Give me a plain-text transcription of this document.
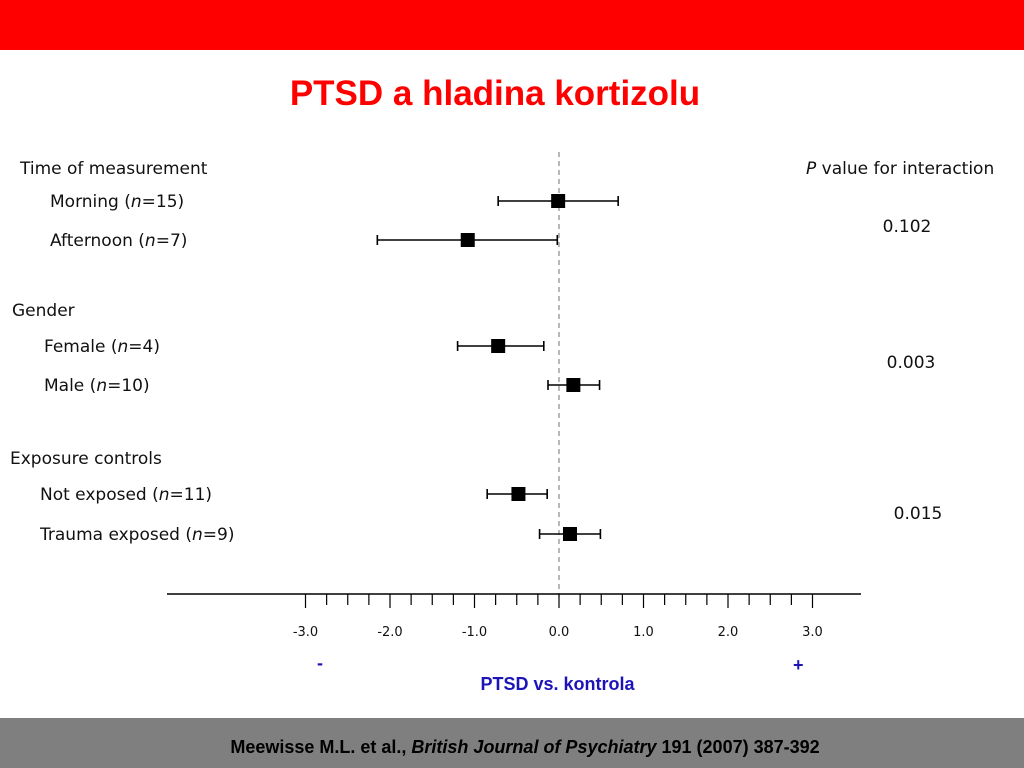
PTSD a hladina kortizolu
P value for interaction
Time of measurement
0.102
Morning (n=15)
Afternoon (n=7)
Gender
0.003
Female (n=4)
Male (n=10)
Exposure controls
0.015
Not exposed (n=11)
Trauma exposed (n=9)
-3.0	-2.0	-1.0	0.0	1.0	2.0	3.0
-	+
PTSD vs. kontrola
Meewisse M.L. et al., British Journal of Psychiatry 191 (2007) 387-392
